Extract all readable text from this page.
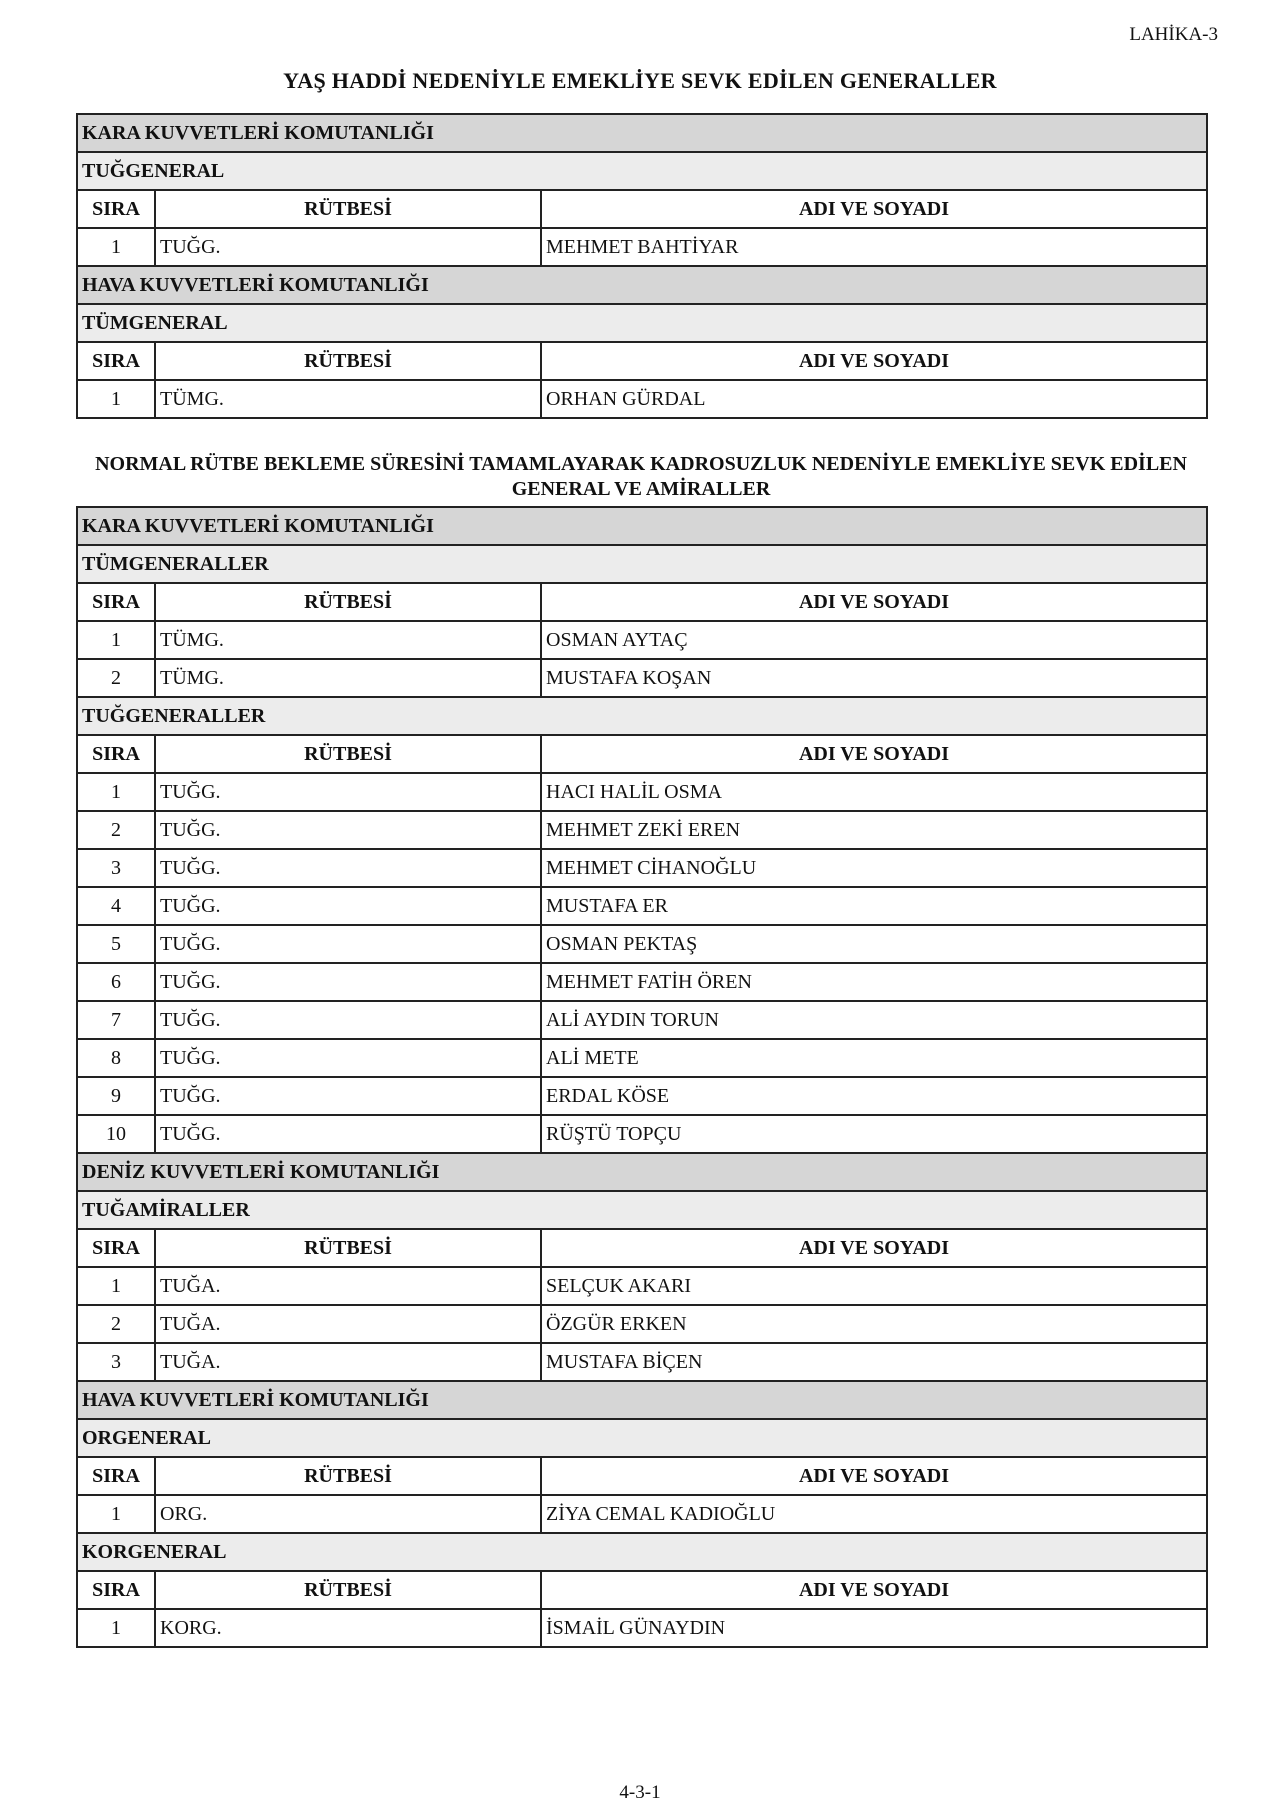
LAHİKA-3
YAŞ HADDİ NEDENİYLE EMEKLİYE SEVK EDİLEN GENERALLER
KARA KUVVETLERİ KOMUTANLIĞI		
TUĞGENERAL		
SIRA	RÜTBESİ	ADI VE SOYADI
1	TUĞG.	MEHMET BAHTİYAR
HAVA KUVVETLERİ KOMUTANLIĞI		
TÜMGENERAL		
SIRA	RÜTBESİ	ADI VE SOYADI
1	TÜMG.	ORHAN GÜRDAL
NORMAL RÜTBE BEKLEME SÜRESİNİ TAMAMLAYARAK KADROSUZLUK NEDENİYLE EMEKLİYE SEVK EDİLEN GENERAL VE AMİRALLER
KARA KUVVETLERİ KOMUTANLIĞI		
TÜMGENERALLER		
SIRA	RÜTBESİ	ADI VE SOYADI
1	TÜMG.	OSMAN AYTAÇ
2	TÜMG.	MUSTAFA KOŞAN
TUĞGENERALLER		
SIRA	RÜTBESİ	ADI VE SOYADI
1	TUĞG.	HACI HALİL OSMA
2	TUĞG.	MEHMET ZEKİ EREN
3	TUĞG.	MEHMET CİHANOĞLU
4	TUĞG.	MUSTAFA ER
5	TUĞG.	OSMAN PEKTAŞ
6	TUĞG.	MEHMET FATİH ÖREN
7	TUĞG.	ALİ AYDIN TORUN
8	TUĞG.	ALİ METE
9	TUĞG.	ERDAL KÖSE
10	TUĞG.	RÜŞTÜ TOPÇU
DENİZ KUVVETLERİ KOMUTANLIĞI		
TUĞAMİRALLER		
SIRA	RÜTBESİ	ADI VE SOYADI
1	TUĞA.	SELÇUK AKARI
2	TUĞA.	ÖZGÜR ERKEN
3	TUĞA.	MUSTAFA BİÇEN
HAVA KUVVETLERİ KOMUTANLIĞI		
ORGENERAL		
SIRA	RÜTBESİ	ADI VE SOYADI
1	ORG.	ZİYA CEMAL KADIOĞLU
KORGENERAL		
SIRA	RÜTBESİ	ADI VE SOYADI
1	KORG.	İSMAİL GÜNAYDIN
4-3-1
